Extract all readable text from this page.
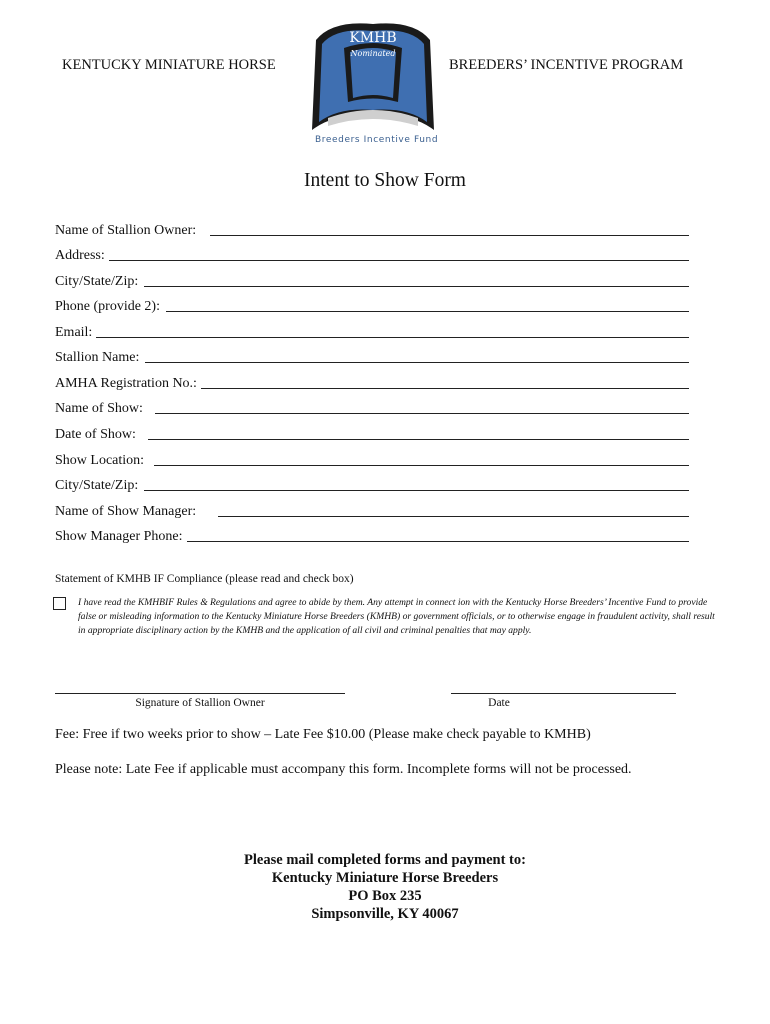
KENTUCKY MINIATURE HORSE	BREEDERS’ INCENTIVE PROGRAM
KMHB
Nominated
Breeders Incentive Fund
Intent to Show Form
Name of Stallion Owner:
Address:
City/State/Zip:
Phone (provide 2):
Email:
Stallion Name:
AMHA Registration No.:
Name of Show:
Date of Show:
Show Location:
City/State/Zip:
Name of Show Manager:
Show Manager Phone:
Statement of KMHB IF Compliance (please read and check box)
I have read the KMHBIF Rules & Regulations and agree to abide by them. Any attempt in connect ion with the Kentucky Horse Breeders’ Incentive Fund to provide false or misleading information to the Kentucky Miniature Horse Breeders (KMHB) or government officials, or to otherwise engage in fraudulent activity, shall result in appropriate disciplinary action by the KMHB and the application of all civil and criminal penalties that may apply.
Signature of Stallion Owner	Date
Fee: Free if two weeks prior to show – Late Fee $10.00 (Please make check payable to KMHB)
Please note: Late Fee if applicable must accompany this form. Incomplete forms will not be processed.
Please mail completed forms and payment to:
Kentucky Miniature Horse Breeders
PO Box 235
Simpsonville, KY 40067
